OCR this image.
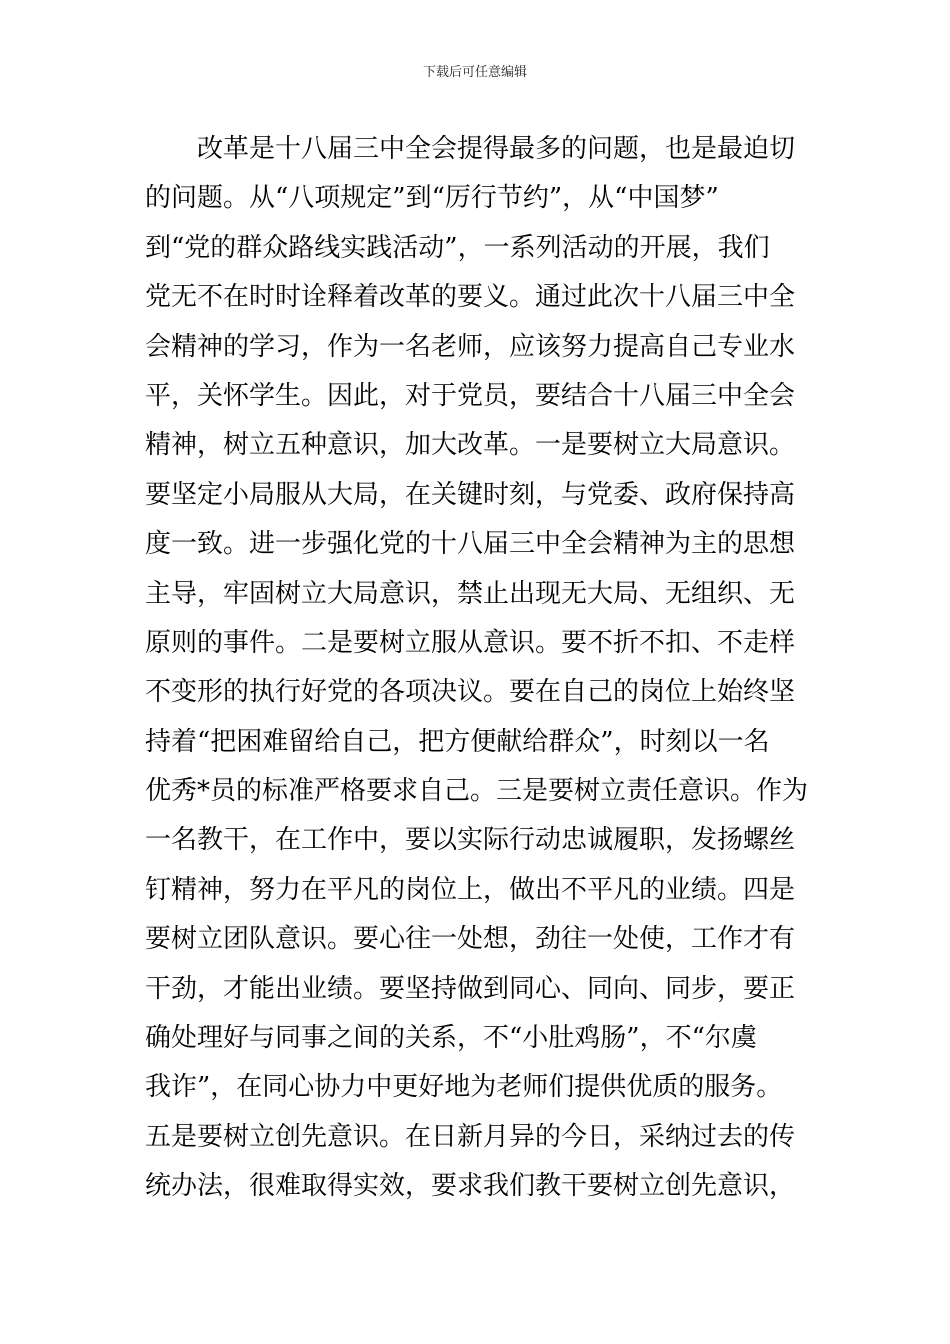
下载后可任意编辑
改革是十八届三中全会提得最多的问题，也是最迫切
的问题。从“八项规定”到“厉行节约”，从“中国梦”
到“党的群众路线实践活动”，一系列活动的开展，我们
党无不在时时诠释着改革的要义。通过此次十八届三中全
会精神的学习，作为一名老师，应该努力提高自己专业水
平，关怀学生。因此，对于党员，要结合十八届三中全会
精神，树立五种意识，加大改革。一是要树立大局意识。
要坚定小局服从大局，在关键时刻，与党委、政府保持高
度一致。进一步强化党的十八届三中全会精神为主的思想
主导，牢固树立大局意识，禁止出现无大局、无组织、无
原则的事件。二是要树立服从意识。要不折不扣、不走样
不变形的执行好党的各项决议。要在自己的岗位上始终坚
持着“把困难留给自己，把方便献给群众”，时刻以一名
优秀*员的标准严格要求自己。三是要树立责任意识。作为
一名教干，在工作中，要以实际行动忠诚履职，发扬螺丝
钉精神，努力在平凡的岗位上，做出不平凡的业绩。四是
要树立团队意识。要心往一处想，劲往一处使，工作才有
干劲，才能出业绩。要坚持做到同心、同向、同步，要正
确处理好与同事之间的关系，不“小肚鸡肠”，不“尔虞
我诈”，在同心协力中更好地为老师们提供优质的服务。
五是要树立创先意识。在日新月异的今日，采纳过去的传
统办法，很难取得实效，要求我们教干要树立创先意识，
